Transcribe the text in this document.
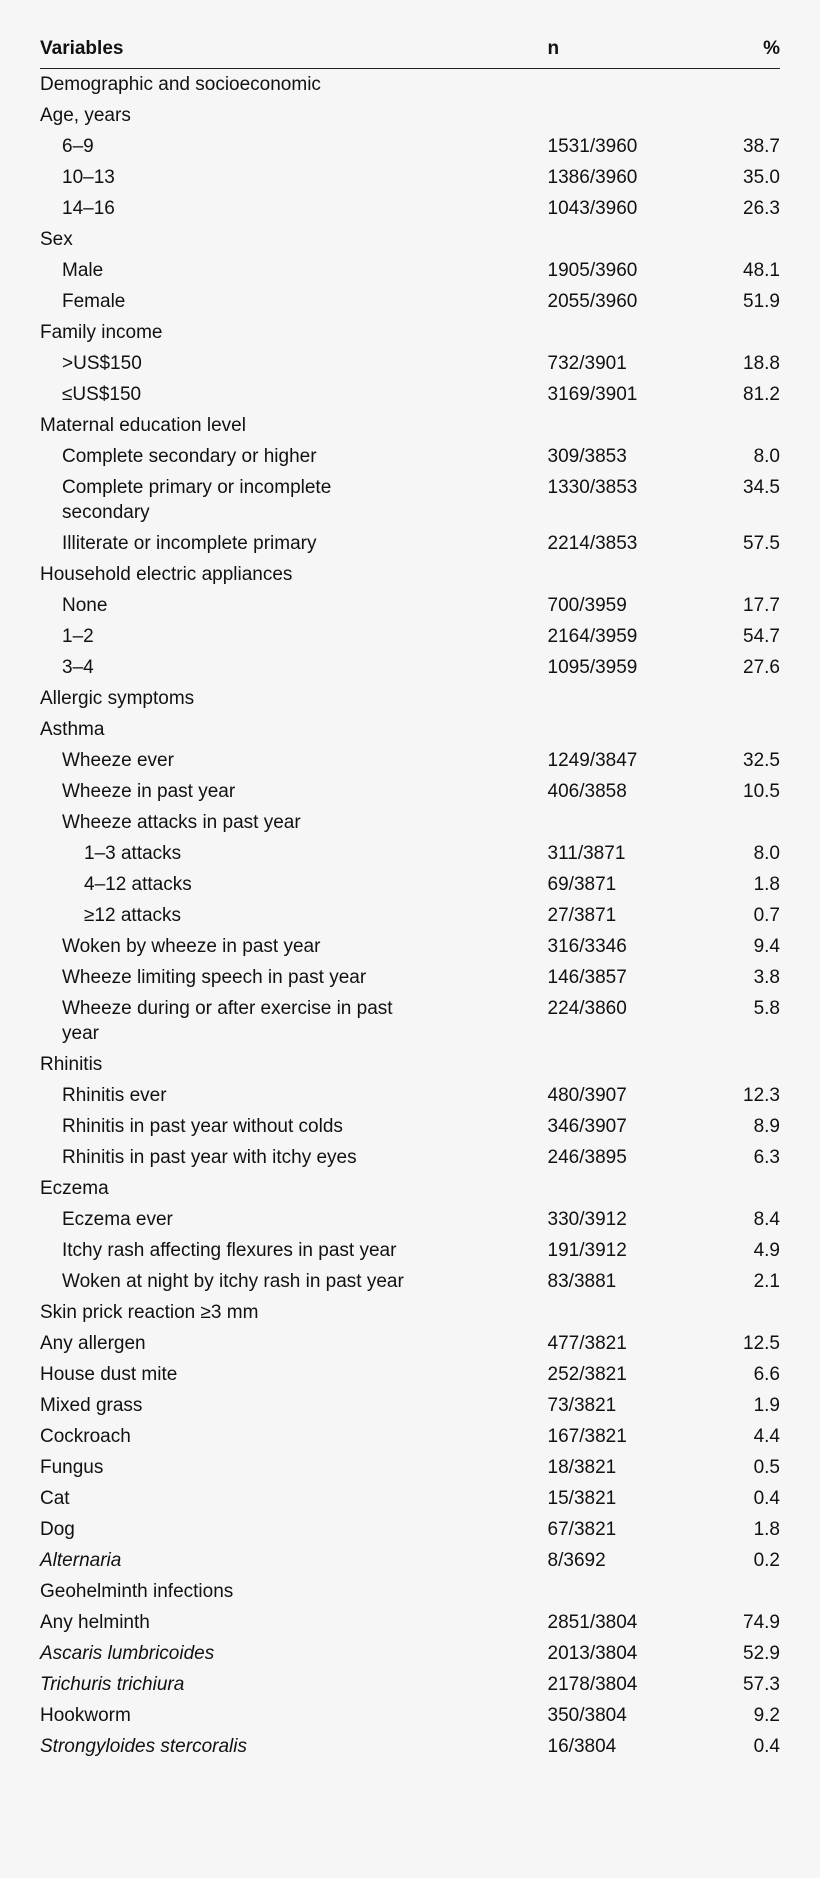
Variables	n	%

Demographic and socioeconomic		

Age, years		

6–9	1531/3960	38.7

10–13	1386/3960	35.0

14–16	1043/3960	26.3

Sex		

Male	1905/3960	48.1

Female	2055/3960	51.9

Family income		

>US$150	732/3901	18.8

≤US$150	3169/3901	81.2

Maternal education level		

Complete secondary or higher	309/3853	8.0

Complete primary or incomplete secondary	1330/3853	34.5

Illiterate or incomplete primary	2214/3853	57.5

Household electric appliances		

None	700/3959	17.7

1–2	2164/3959	54.7

3–4	1095/3959	27.6

Allergic symptoms		

Asthma		

Wheeze ever	1249/3847	32.5

Wheeze in past year	406/3858	10.5

Wheeze attacks in past year		

1–3 attacks	311/3871	8.0

4–12 attacks	69/3871	1.8

≥12 attacks	27/3871	0.7

Woken by wheeze in past year	316/3346	9.4

Wheeze limiting speech in past year	146/3857	3.8

Wheeze during or after exercise in past year	224/3860	5.8

Rhinitis		

Rhinitis ever	480/3907	12.3

Rhinitis in past year without colds	346/3907	8.9

Rhinitis in past year with itchy eyes	246/3895	6.3

Eczema		

Eczema ever	330/3912	8.4

Itchy rash affecting flexures in past year	191/3912	4.9

Woken at night by itchy rash in past year	83/3881	2.1

Skin prick reaction ≥3 mm		

Any allergen	477/3821	12.5

House dust mite	252/3821	6.6

Mixed grass	73/3821	1.9

Cockroach	167/3821	4.4

Fungus	18/3821	0.5

Cat	15/3821	0.4

Dog	67/3821	1.8

Alternaria	8/3692	0.2

Geohelminth infections		

Any helminth	2851/3804	74.9

Ascaris lumbricoides	2013/3804	52.9

Trichuris trichiura	2178/3804	57.3

Hookworm	350/3804	9.2

Strongyloides stercoralis	16/3804	0.4
